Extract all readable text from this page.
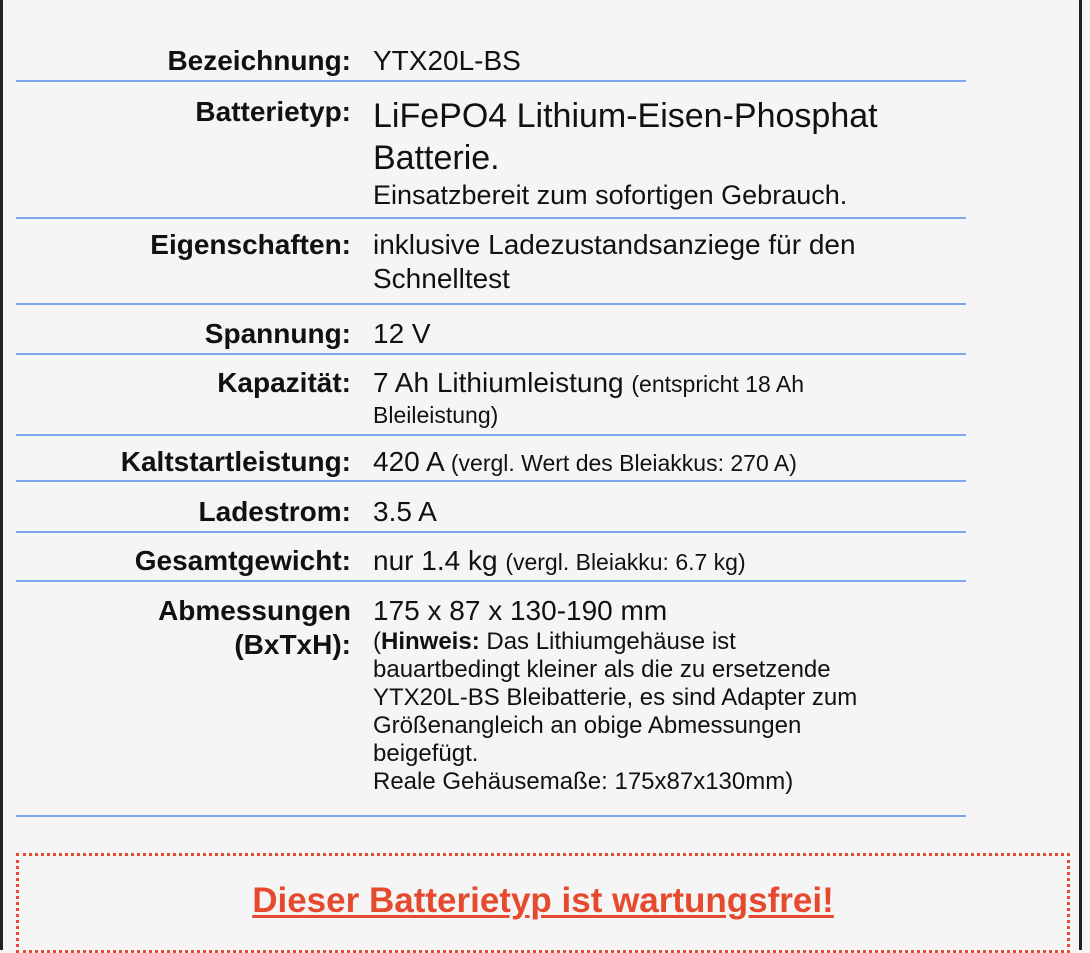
Bezeichnung: YTX20L-BS
Batterietyp: LiFePO4 Lithium-Eisen-Phosphat
Batterie.
Einsatzbereit zum sofortigen Gebrauch.
Eigenschaften: inklusive Ladezustandsanziege für den
Schnelltest
Spannung: 12 V
Kapazität: 7 Ah Lithiumleistung (entspricht 18 Ah
Bleileistung)
Kaltstartleistung: 420 A (vergl. Wert des Bleiakkus: 270 A)
Ladestrom: 3.5 A
Gesamtgewicht: nur 1.4 kg (vergl. Bleiakku: 6.7 kg)
Abmessungen
(BxTxH):
175 x 87 x 130-190 mm
(Hinweis: Das Lithiumgehäuse ist
bauartbedingt kleiner als die zu ersetzende
YTX20L-BS Bleibatterie, es sind Adapter zum
Größenangleich an obige Abmessungen
beigefügt.
Reale Gehäusemaße: 175x87x130mm)
Dieser Batterietyp ist wartungsfrei!
